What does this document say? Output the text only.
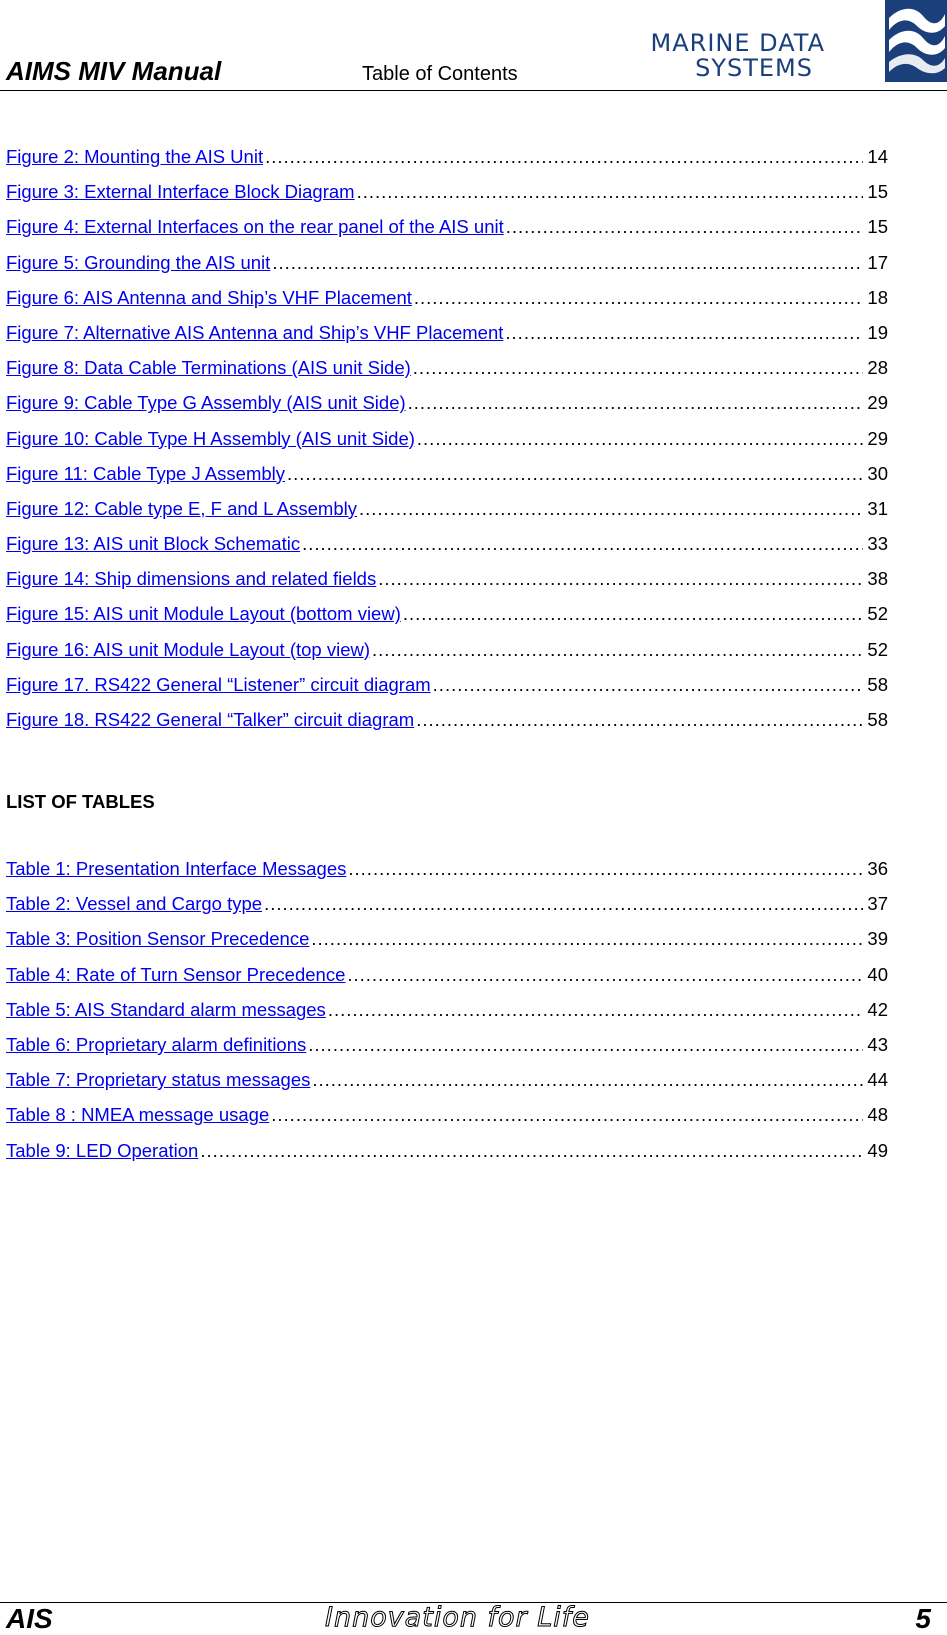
AIMS MIV Manual	Table of Contents
MARINE DATA
SYSTEMS
Figure 2: Mounting the AIS Unit .....	14
Figure 3: External Interface Block Diagram .....	15
Figure 4: External Interfaces on the rear panel of the AIS unit .....	15
Figure 5: Grounding the AIS unit .....	17
Figure 6: AIS Antenna and Ship’s VHF Placement .....	18
Figure 7: Alternative AIS Antenna and Ship’s VHF Placement .....	19
Figure 8: Data Cable Terminations (AIS unit Side) .....	28
Figure 9: Cable Type G Assembly (AIS unit Side) .....	29
Figure 10: Cable Type H Assembly (AIS unit Side) .....	29
Figure 11: Cable Type J Assembly .....	30
Figure 12: Cable type E, F and L Assembly .....	31
Figure 13: AIS unit Block Schematic .....	33
Figure 14: Ship dimensions and related fields .....	38
Figure 15: AIS unit Module Layout (bottom view) .....	52
Figure 16: AIS unit Module Layout (top view) .....	52
Figure 17. RS422 General “Listener” circuit diagram .....	58
Figure 18. RS422 General “Talker” circuit diagram .....	58
LIST OF TABLES
Table 1: Presentation Interface Messages .....	36
Table 2: Vessel and Cargo type .....	37
Table 3: Position Sensor Precedence .....	39
Table 4: Rate of Turn Sensor Precedence .....	40
Table 5: AIS Standard alarm messages .....	42
Table 6: Proprietary alarm definitions .....	43
Table 7: Proprietary status messages .....	44
Table 8 : NMEA message usage .....	48
Table 9: LED Operation .....	49
AIS	Innovation for Life	5
